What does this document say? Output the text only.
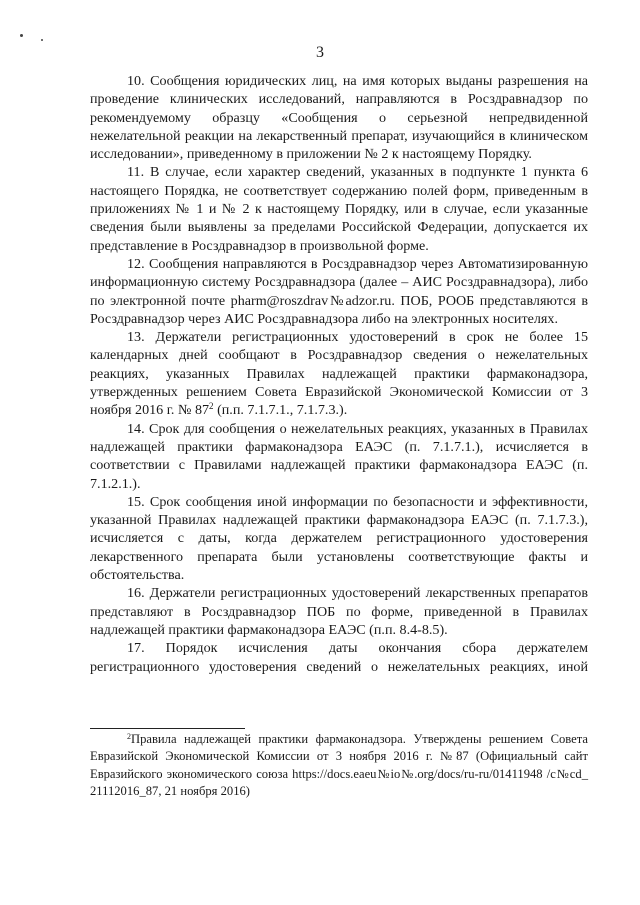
3

10. Сообщения юридических лиц, на имя которых выданы разрешения на проведение клинических исследований, направляются в Росздравнадзор по рекомендуемому образцу «Сообщения о серьезной непредвиденной нежелательной реакции на лекарственный препарат, изучающийся в клиническом исследовании», приведенному в приложении № 2 к настоящему Порядку.

11. В случае, если характер сведений, указанных в подпункте 1 пункта 6 настоящего Порядка, не соответствует содержанию полей форм, приведенным в приложениях № 1 и № 2 к настоящему Порядку, или в случае, если указанные сведения были выявлены за пределами Российской Федерации, допускается их представление в Росздравнадзор в произвольной форме.

12. Сообщения направляются в Росздравнадзор через Автоматизированную информационную систему Росздравнадзора (далее – АИС Росздравнадзора), либо по электронной почте pharm@roszdrav№adzor.ru. ПОБ, РООБ представляются в Росздравнадзор через АИС Росздравнадзора либо на электронных носителях.

13. Держатели регистрационных удостоверений в срок не более 15 календарных дней сообщают в Росздравнадзор сведения о нежелательных реакциях, указанных Правилах надлежащей практики фармаконадзора, утвержденных решением Совета Евразийской Экономической Комиссии от 3 ноября 2016 г. № $87^2$ (п.п. 7.1.7.1., 7.1.7.3.).

14. Срок для сообщения о нежелательных реакциях, указанных в Правилах надлежащей практики фармаконадзора ЕАЭС (п. 7.1.7.1.), исчисляется в соответствии с Правилами надлежащей практики фармаконадзора ЕАЭС (п. 7.1.2.1.).

15. Срок сообщения иной информации по безопасности и эффективности, указанной Правилах надлежащей практики фармаконадзора ЕАЭС (п. 7.1.7.3.), исчисляется с даты, когда держателем регистрационного удостоверения лекарственного препарата были установлены соответствующие факты и обстоятельства.

16. Держатели регистрационных удостоверений лекарственных препаратов представляют в Росздравнадзор ПОБ по форме, приведенной в Правилах надлежащей практики фармаконадзора ЕАЭС (п.п. 8.4-8.5).

17. Порядок исчисления даты окончания сбора держателем регистрационного удостоверения сведений о нежелательных реакциях, иной

$^2$Правила надлежащей практики фармаконадзора. Утверждены решением Совета Евразийской Экономической Комиссии от 3 ноября 2016 г. №87 (Официальный сайт Евразийского экономического союза https://docs.eaeu№io№.org/docs/ru-ru/01411948 /c№cd_ 21112016_87, 21 ноября 2016)
